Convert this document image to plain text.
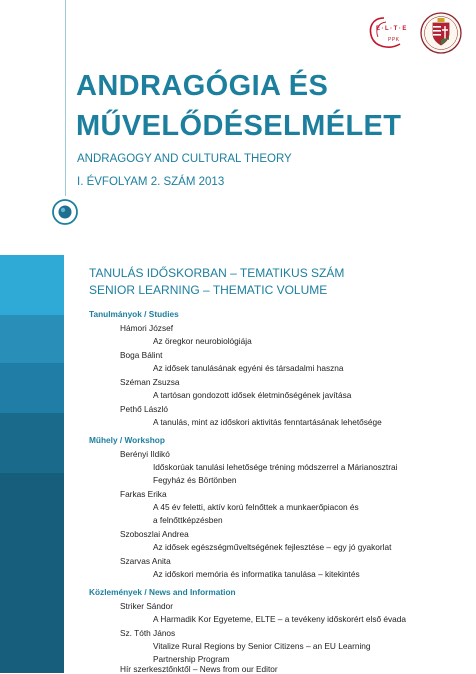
E·L·T·E
PPK
ANDRAGÓGIA ÉS
MŰVELŐDÉSELMÉLET
ANDRAGOGY AND CULTURAL THEORY
I. ÉVFOLYAM 2. SZÁM 2013
TANULÁS IDŐSKORBAN – TEMATIKUS SZÁM
SENIOR LEARNING – THEMATIC VOLUME
Tanulmányok / Studies
Hámori József
Az öregkor neurobiológiája
Boga Bálint
Az idősek tanulásának egyéni és társadalmi haszna
Széman Zsuzsa
A tartósan gondozott idősek életminőségének javítása
Pethő László
A tanulás, mint az időskori aktivitás fenntartásának lehetősége
Műhely / Workshop
Berényi Ildikó
Időskorúak tanulási lehetősége tréning módszerrel a Márianosztrai
Fegyház és Börtönben
Farkas Erika
A 45 év feletti, aktív korú felnőttek a munkaerőpiacon és
a felnőttképzésben
Szoboszlai Andrea
Az idősek egészségműveltségének fejlesztése – egy jó gyakorlat
Szarvas Anita
Az időskori memória és informatika tanulása – kitekintés
Közlemények / News and Information
Striker Sándor
A Harmadik Kor Egyeteme, ELTE – a tevékeny időskorért első évada
Sz. Tóth János
Vitalize Rural Regions by Senior Citizens – an EU Learning
Partnership Program
Hír szerkesztőnktől – News from our Editor
